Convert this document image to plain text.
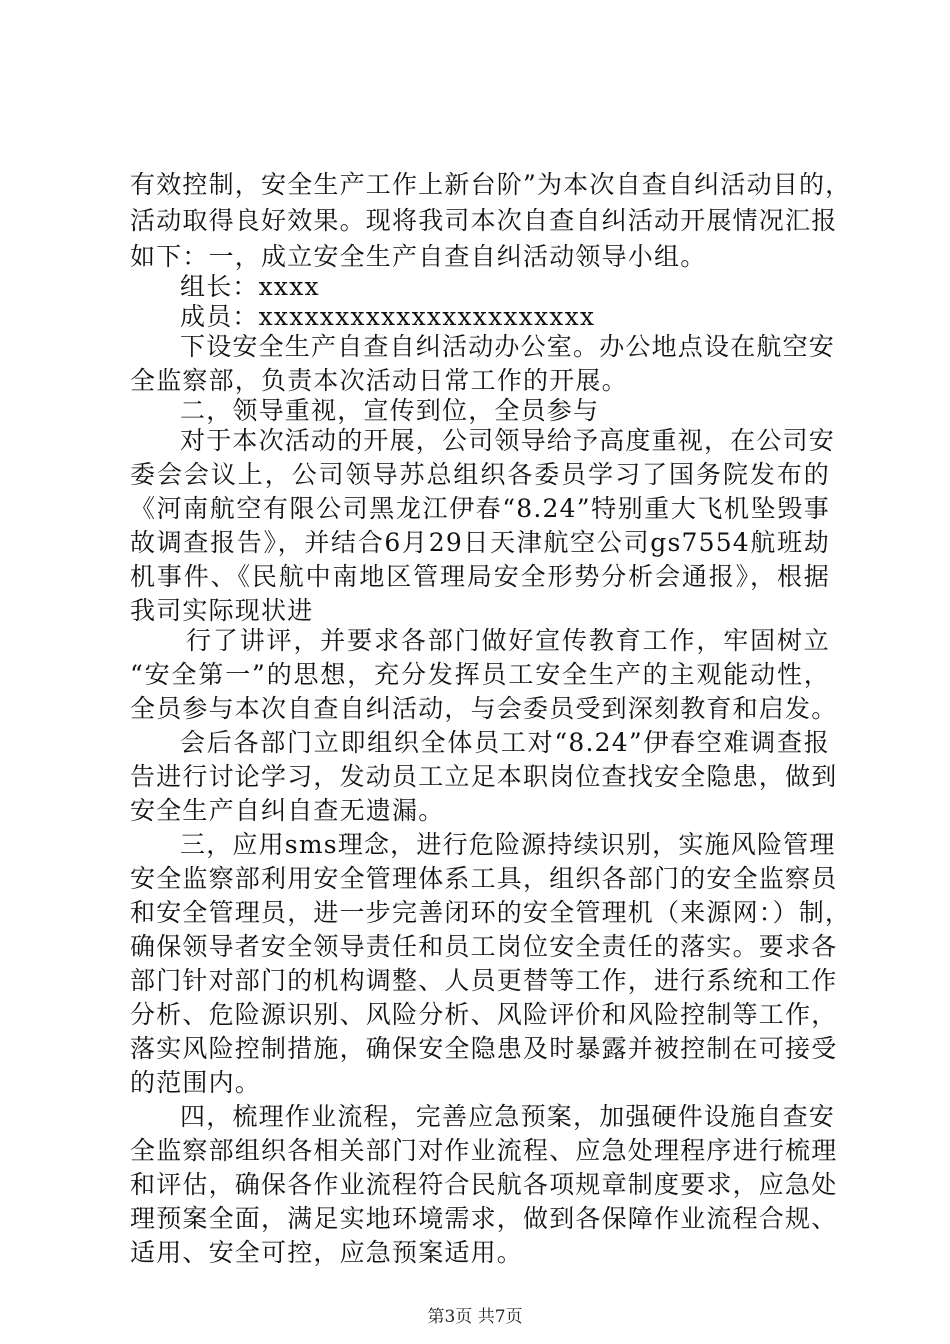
有效控制，安全生产工作上新台阶”为本次自查自纠活动目的，
活动取得良好效果。现将我司本次自查自纠活动开展情况汇报
如下：一，成立安全生产自查自纠活动领导小组。
组长：xxxx
成员：xxxxxxxxxxxxxxxxxxxxxx
下设安全生产自查自纠活动办公室。办公地点设在航空安
全监察部，负责本次活动日常工作的开展。
二，领导重视，宣传到位，全员参与
对于本次活动的开展，公司领导给予高度重视，在公司安
委会会议上，公司领导苏总组织各委员学习了国务院发布的
《河南航空有限公司黑龙江伊春“8.24”特别重大飞机坠毁事
故调查报告》，并结合6月29日天津航空公司gs7554航班劫
机事件、《民航中南地区管理局安全形势分析会通报》，根据
我司实际现状进
行了讲评，并要求各部门做好宣传教育工作，牢固树立
“安全第一”的思想，充分发挥员工安全生产的主观能动性，
全员参与本次自查自纠活动，与会委员受到深刻教育和启发。
会后各部门立即组织全体员工对“8.24”伊春空难调查报
告进行讨论学习，发动员工立足本职岗位查找安全隐患，做到
安全生产自纠自查无遗漏。
三，应用sms理念，进行危险源持续识别，实施风险管理
安全监察部利用安全管理体系工具，组织各部门的安全监察员
和安全管理员，进一步完善闭环的安全管理机（来源网：）制，
确保领导者安全领导责任和员工岗位安全责任的落实。要求各
部门针对部门的机构调整、人员更替等工作，进行系统和工作
分析、危险源识别、风险分析、风险评价和风险控制等工作，
落实风险控制措施，确保安全隐患及时暴露并被控制在可接受
的范围内。
四，梳理作业流程，完善应急预案，加强硬件设施自查安
全监察部组织各相关部门对作业流程、应急处理程序进行梳理
和评估，确保各作业流程符合民航各项规章制度要求，应急处
理预案全面，满足实地环境需求，做到各保障作业流程合规、
适用、安全可控，应急预案适用。
第3页 共7页
